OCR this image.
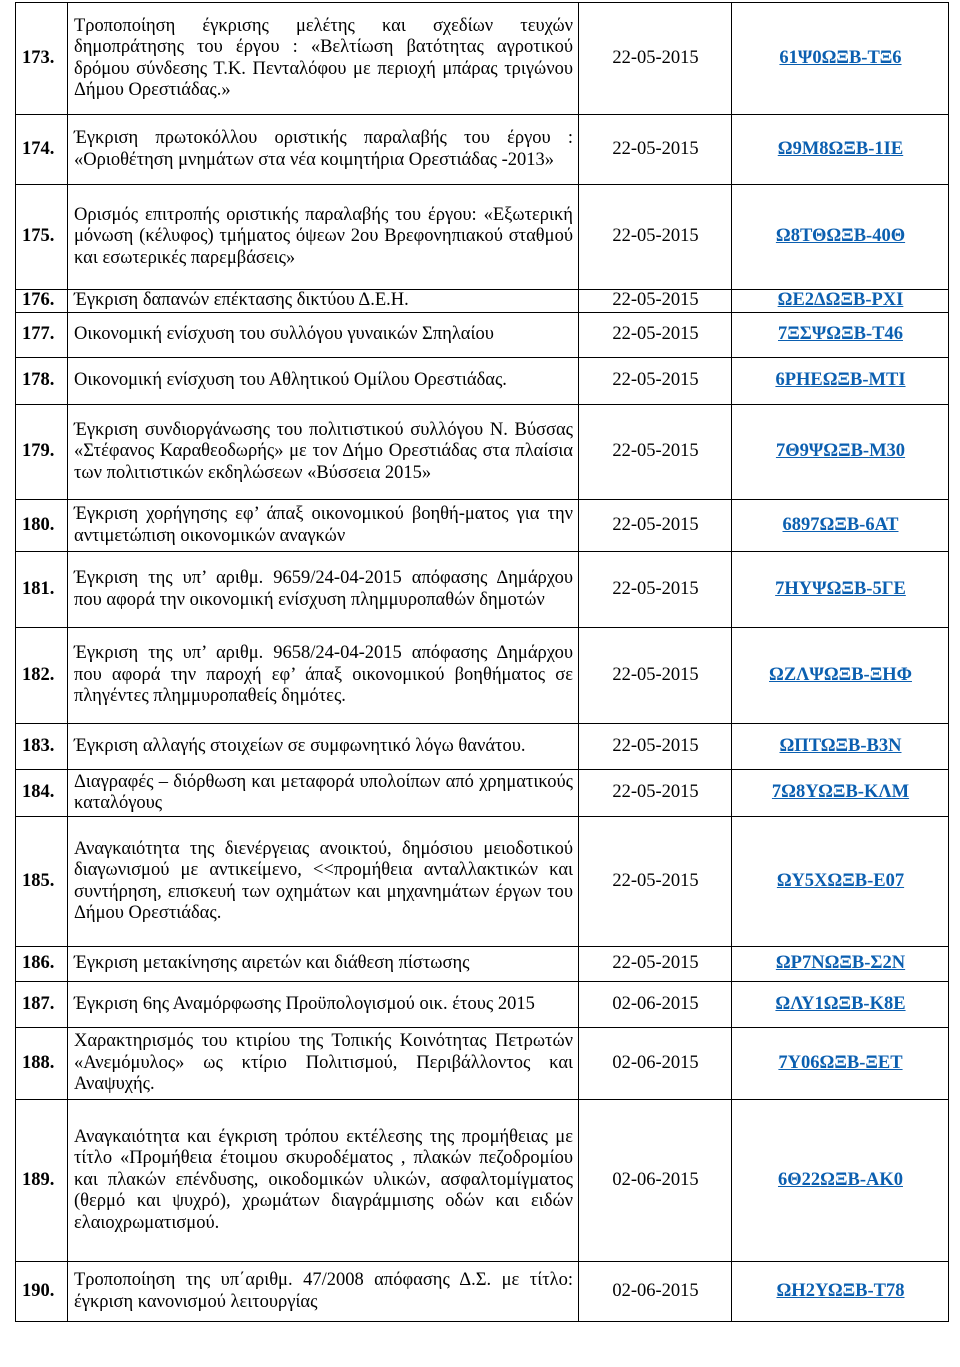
173.	Τροποποίηση έγκρισης μελέτης και σχεδίων τευχών δημοπράτησης του έργου : «Βελτίωση βατότητας αγροτικού δρόμου σύνδεσης Τ.Κ. Πενταλόφου με περιοχή μπάρας τριγώνου Δήμου Ορεστιάδας.»	22-05-2015	61Ψ0ΩΞΒ-ΤΞ6
174.	Έγκριση πρωτοκόλλου οριστικής παραλαβής του έργου : «Οριοθέτηση μνημάτων στα νέα κοιμητήρια Ορεστιάδας -2013»	22-05-2015	Ω9Μ8ΩΞΒ-1ΙΕ
175.	Ορισμός επιτροπής οριστικής παραλαβής του έργου: «Εξωτερική μόνωση (κέλυφος) τμήματος όψεων 2ου Βρεφονηπιακού σταθμού και εσωτερικές παρεμβάσεις»	22-05-2015	Ω8ΤΘΩΞΒ-40Θ
176.	Έγκριση δαπανών επέκτασης δικτύου Δ.Ε.Η.	22-05-2015	ΩΕ2ΔΩΞΒ-ΡΧΙ
177.	Οικονομική ενίσχυση του συλλόγου γυναικών Σπηλαίου	22-05-2015	7ΞΣΨΩΞΒ-Τ46
178.	Οικονομική ενίσχυση του Αθλητικού Ομίλου Ορεστιάδας.	22-05-2015	6ΡΗΕΩΞΒ-ΜΤΙ
179.	Έγκριση συνδιοργάνωσης του πολιτιστικού συλλόγου Ν. Βύσσας «Στέφανος Καραθεοδωρής» με τον Δήμο Ορεστιάδας στα πλαίσια των πολιτιστικών εκδηλώσεων «Βύσσεια 2015»	22-05-2015	7Θ9ΨΩΞΒ-Μ30
180.	Έγκριση χορήγησης εφ’ άπαξ οικονομικού βοηθή-ματος για την αντιμετώπιση οικονομικών αναγκών	22-05-2015	6897ΩΞΒ-6ΑΤ
181.	Έγκριση της υπ’ αριθμ. 9659/24-04-2015 απόφασης Δημάρχου που αφορά την οικονομική ενίσχυση πλημμυροπαθών δημοτών	22-05-2015	7ΗΥΨΩΞΒ-5ΓΕ
182.	Έγκριση της υπ’ αριθμ. 9658/24-04-2015 απόφασης Δημάρχου που αφορά την παροχή εφ’ άπαξ οικονομικού βοηθήματος σε πληγέντες πλημμυροπαθείς δημότες.	22-05-2015	ΩΖΛΨΩΞΒ-ΞΗΦ
183.	Έγκριση αλλαγής στοιχείων σε συμφωνητικό λόγω θανάτου.	22-05-2015	ΩΠΤΩΞΒ-Β3Ν
184.	Διαγραφές – διόρθωση και μεταφορά υπολοίπων από χρηματικούς καταλόγους	22-05-2015	7Ω8ΥΩΞΒ-ΚΛΜ
185.	Αναγκαιότητα της διενέργειας ανοικτού, δημόσιου μειοδοτικού διαγωνισμού με αντικείμενο, <<προμήθεια ανταλλακτικών και συντήρηση, επισκευή των οχημάτων και μηχανημάτων έργων του Δήμου Ορεστιάδας.	22-05-2015	ΩΥ5ΧΩΞΒ-Ε07
186.	Έγκριση μετακίνησης αιρετών και διάθεση πίστωσης	22-05-2015	ΩΡ7ΝΩΞΒ-Σ2Ν
187.	Έγκριση 6ης Αναμόρφωσης Προϋπολογισμού οικ. έτους 2015	02-06-2015	ΩΛΥ1ΩΞΒ-Κ8Ε
188.	Χαρακτηρισμός του κτιρίου της Τοπικής Κοινότητας Πετρωτών «Ανεμόμυλος» ως κτίριο Πολιτισμού, Περιβάλλοντος και Αναψυχής.	02-06-2015	7Υ06ΩΞΒ-ΞΕΤ
189.	Αναγκαιότητα και έγκριση τρόπου εκτέλεσης της προμήθειας με τίτλο «Προμήθεια έτοιμου σκυροδέματος , πλακών πεζοδρομίου και πλακών επένδυσης, οικοδομικών υλικών, ασφαλτομίγματος (θερμό και ψυχρό), χρωμάτων διαγράμμισης οδών και ειδών ελαιοχρωματισμού.	02-06-2015	6Θ22ΩΞΒ-ΑΚ0
190.	Τροποποίηση της υπ΄αριθμ. 47/2008 απόφασης Δ.Σ. με τίτλο: έγκριση κανονισμού λειτουργίας	02-06-2015	ΩΗ2ΥΩΞΒ-Τ78
